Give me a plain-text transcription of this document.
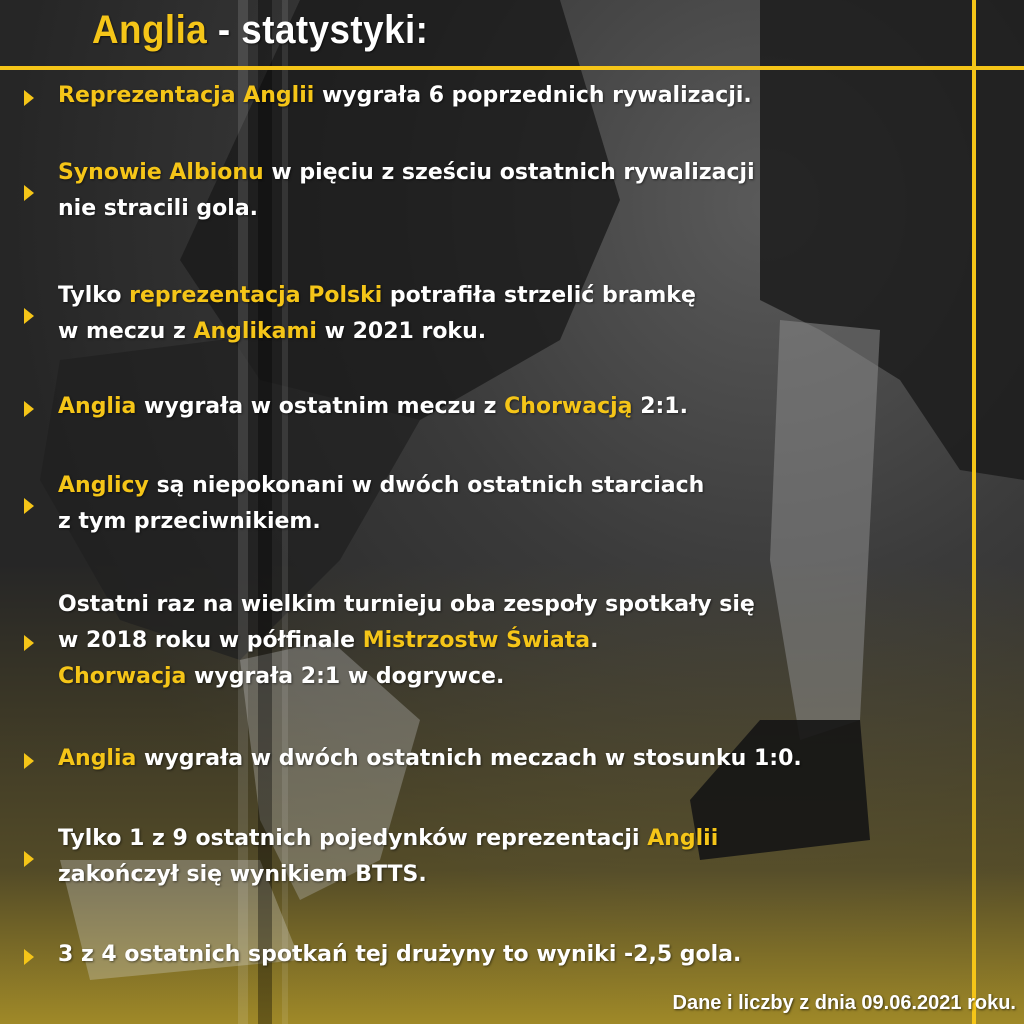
Anglia - statystyki:

Reprezentacja Anglii wygrała 6 poprzednich rywalizacji.

Synowie Albionu w pięciu z sześciu ostatnich rywalizacji
nie stracili gola.

Tylko reprezentacja Polski potrafiła strzelić bramkę
w meczu z Anglikami w 2021 roku.

Anglia wygrała w ostatnim meczu z Chorwacją 2:1.

Anglicy są niepokonani w dwóch ostatnich starciach
z tym przeciwnikiem.

Ostatni raz na wielkim turnieju oba zespoły spotkały się
w 2018 roku w półfinale Mistrzostw Świata.
Chorwacja wygrała 2:1 w dogrywce.

Anglia wygrała w dwóch ostatnich meczach w stosunku 1:0.

Tylko 1 z 9 ostatnich pojedynków reprezentacji Anglii
zakończył się wynikiem BTTS.

3 z 4 ostatnich spotkań tej drużyny to wyniki -2,5 gola.

Dane i liczby z dnia 09.06.2021 roku.
